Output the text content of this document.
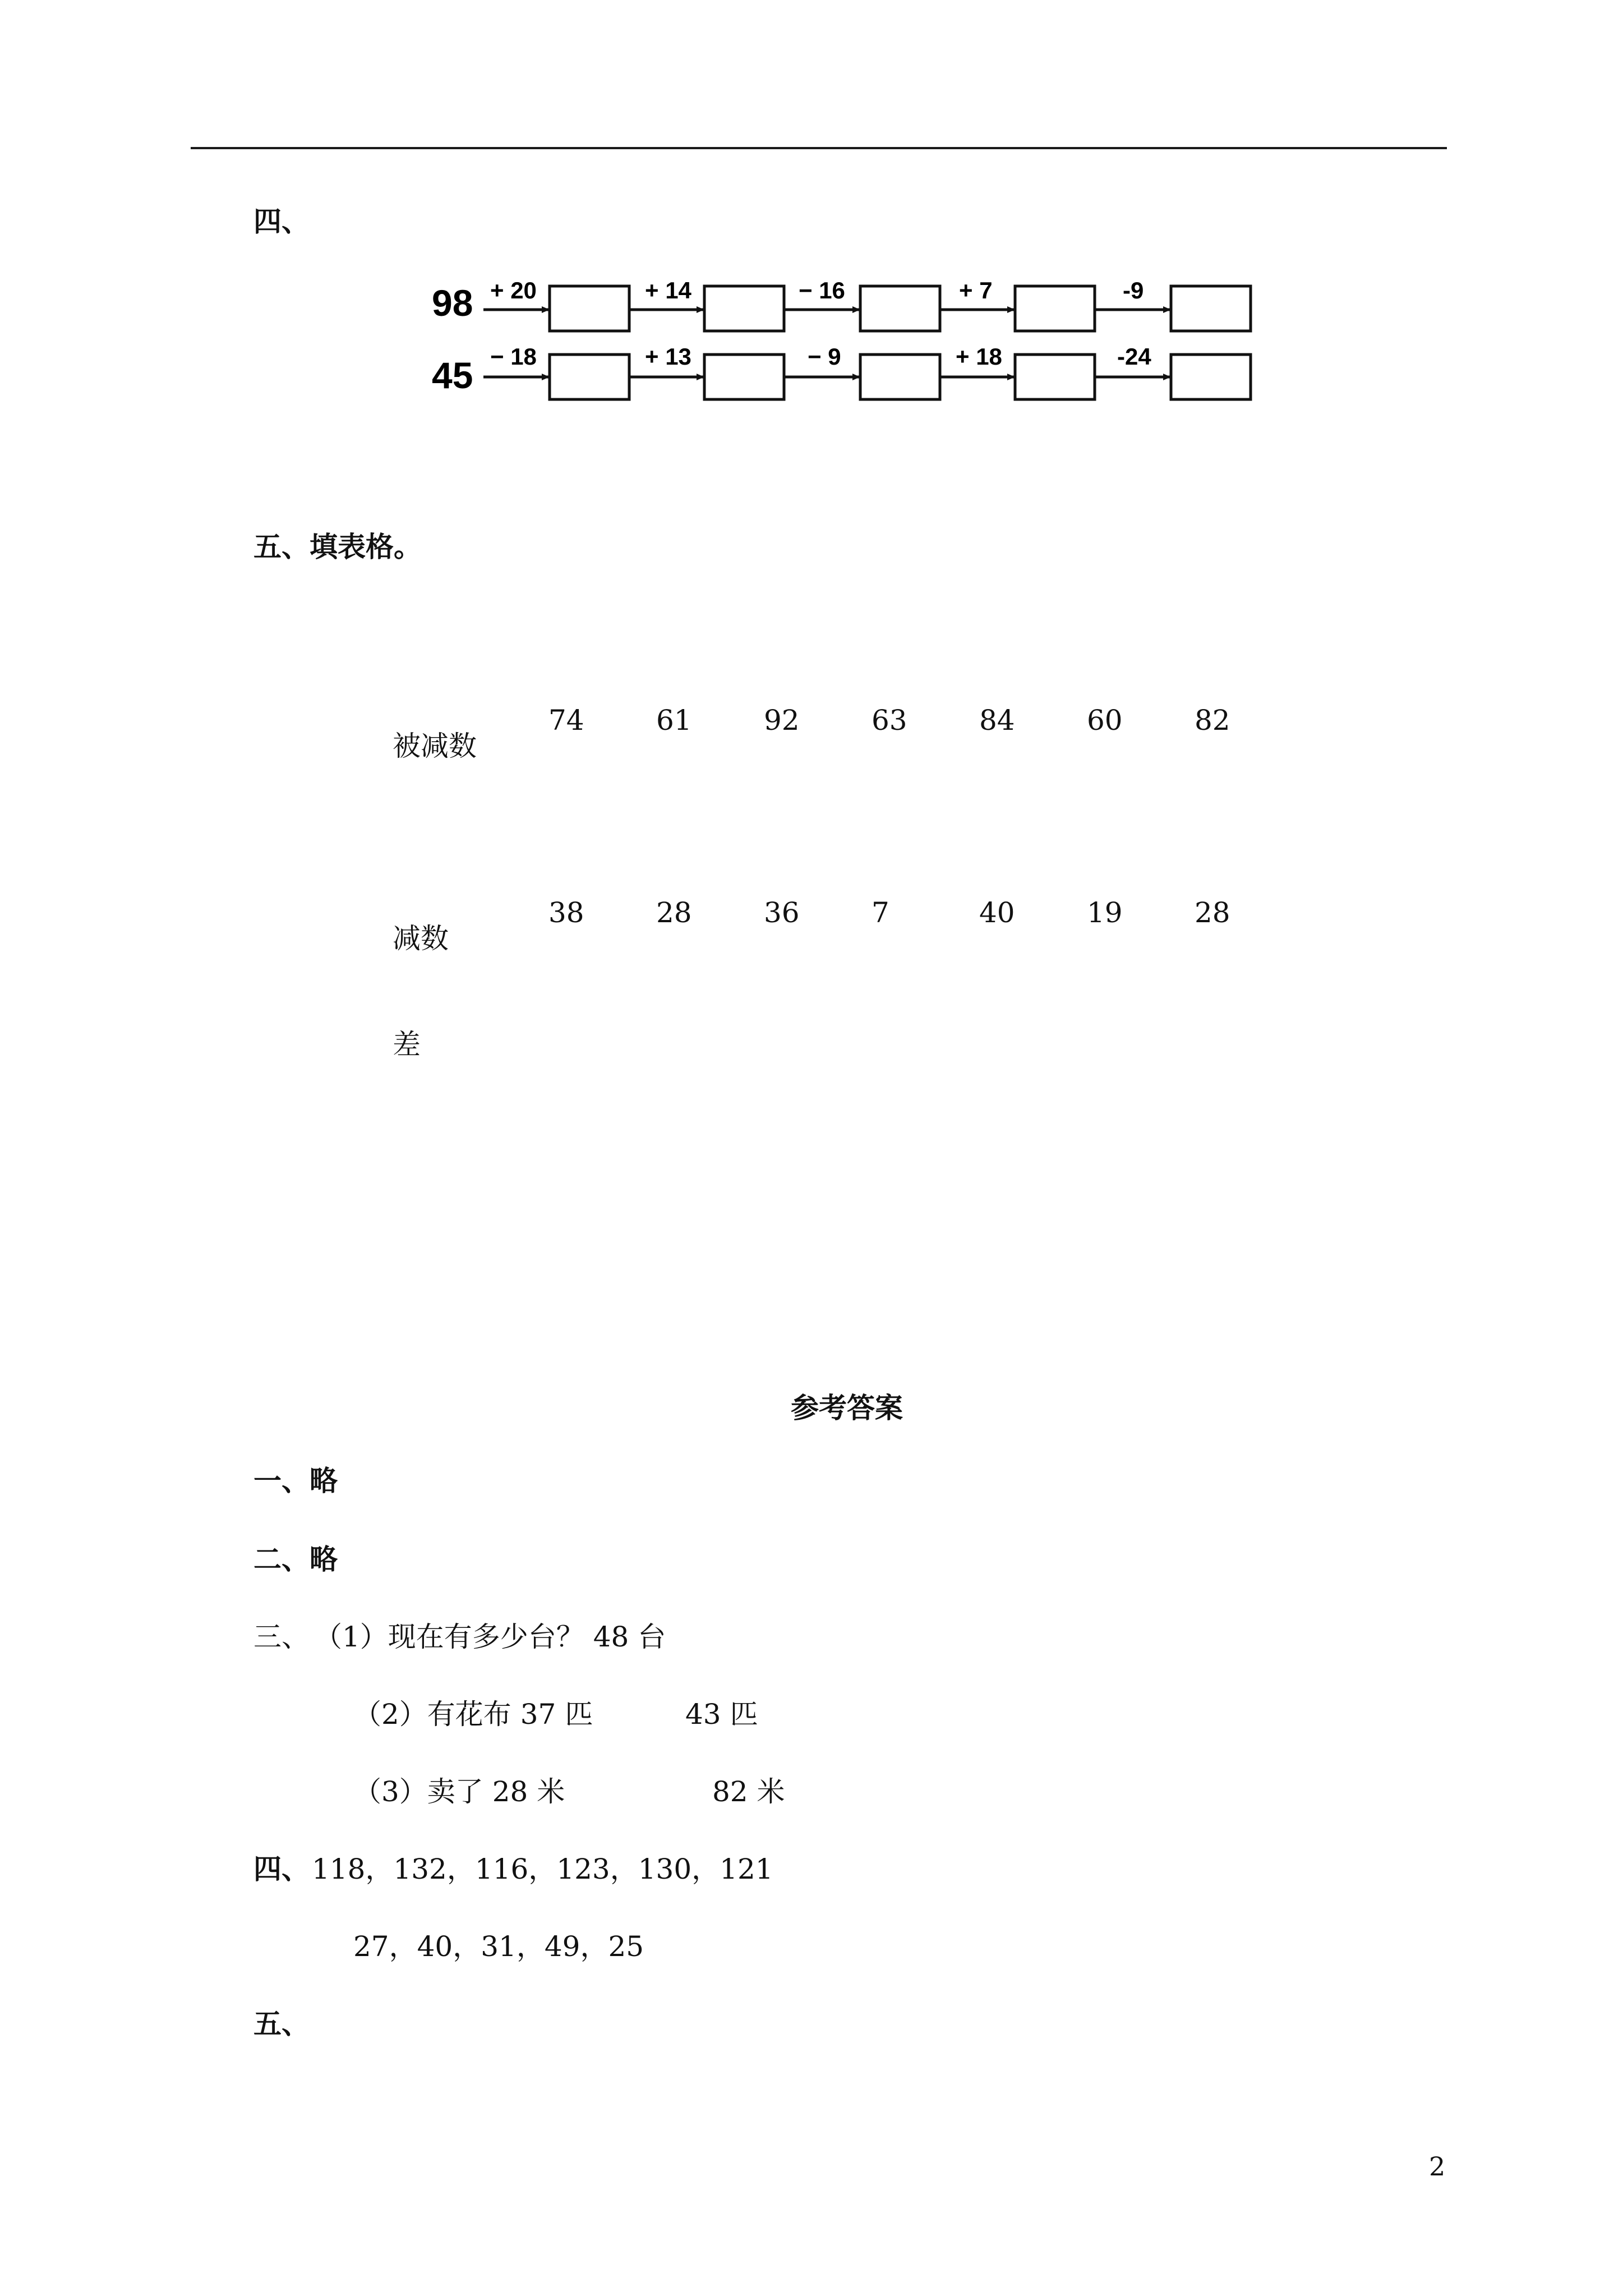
四、
98 + 20	+ 14	− 16	+ 7	-9
45 − 18	+ 13	− 9	+ 18	-24
五、填表格。
被减数
74	61	92	63	84	60	82
减数
38	28	36	7	40	19	28
差
参考答案
一、略
二、略
三、 （1）现在有多少台？ 48 台
（2）有花布 37 匹	43 匹
（3）卖了 28 米	82 米
四、 118，132，116，123，130，121
27，40，31，49，25
五、
2
